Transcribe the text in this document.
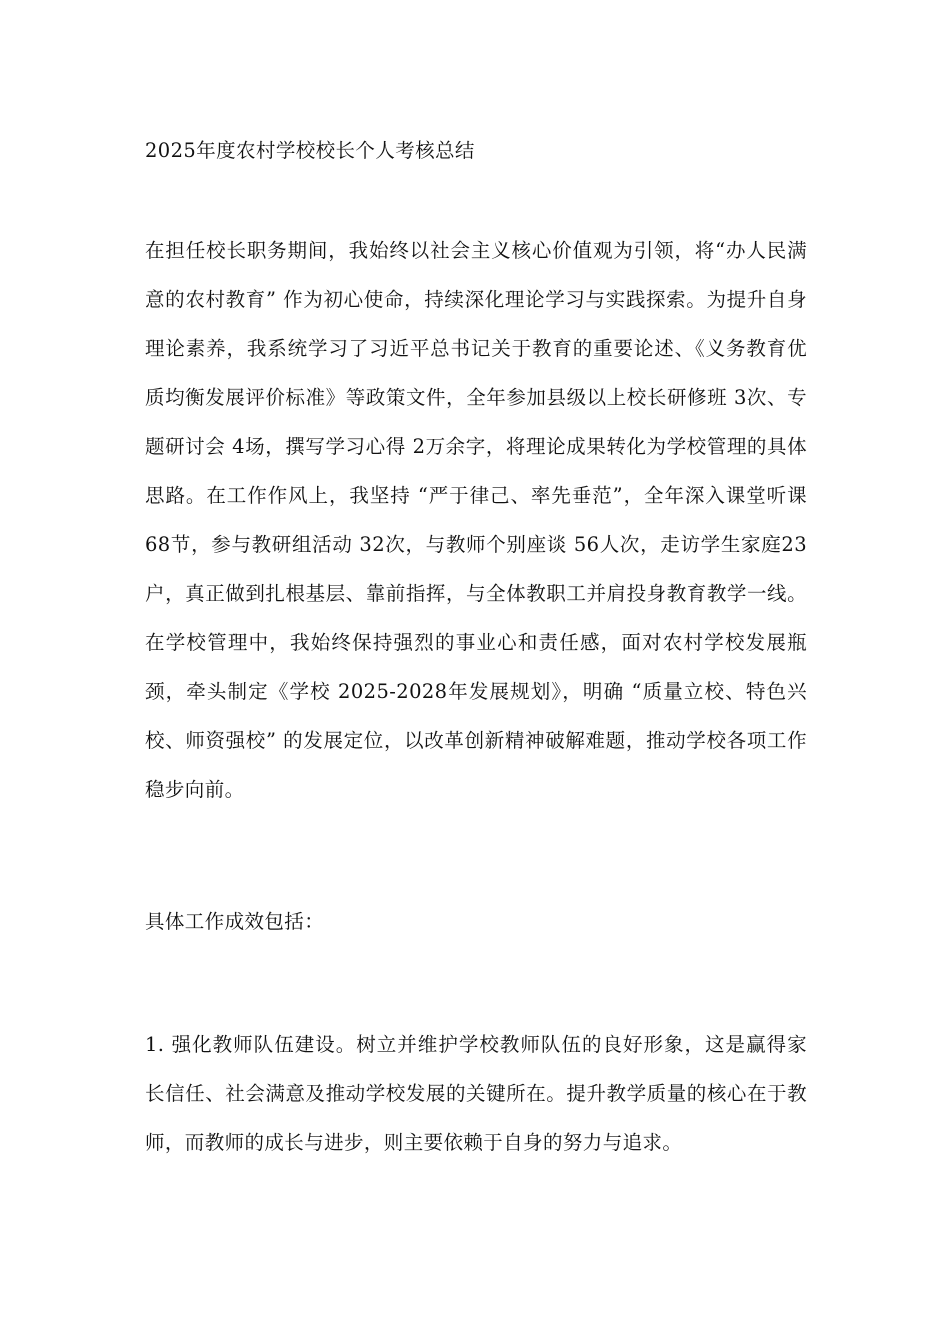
2025年度农村学校校长个人考核总结

在担任校长职务期间，我始终以社会主义核心价值观为引领，将“办人民满意的农村教育” 作为初心使命，持续深化理论学习与实践探索。为提升自身理论素养，我系统学习了习近平总书记关于教育的重要论述、《义务教育优质均衡发展评价标准》等政策文件，全年参加县级以上校长研修班 3次、专题研讨会 4场，撰写学习心得 2万余字，将理论成果转化为学校管理的具体思路。在工作作风上，我坚持 “严于律己、率先垂范”，全年深入课堂听课 68节，参与教研组活动 32次，与教师个别座谈 56人次，走访学生家庭23户，真正做到扎根基层、靠前指挥，与全体教职工并肩投身教育教学一线。在学校管理中，我始终保持强烈的事业心和责任感，面对农村学校发展瓶颈，牵头制定《学校 2025-2028年发展规划》，明确 “质量立校、特色兴校、师资强校” 的发展定位，以改革创新精神破解难题，推动学校各项工作稳步向前。

具体工作成效包括：

1. 强化教师队伍建设。树立并维护学校教师队伍的良好形象，这是赢得家长信任、社会满意及推动学校发展的关键所在。提升教学质量的核心在于教师，而教师的成长与进步，则主要依赖于自身的努力与追求。
